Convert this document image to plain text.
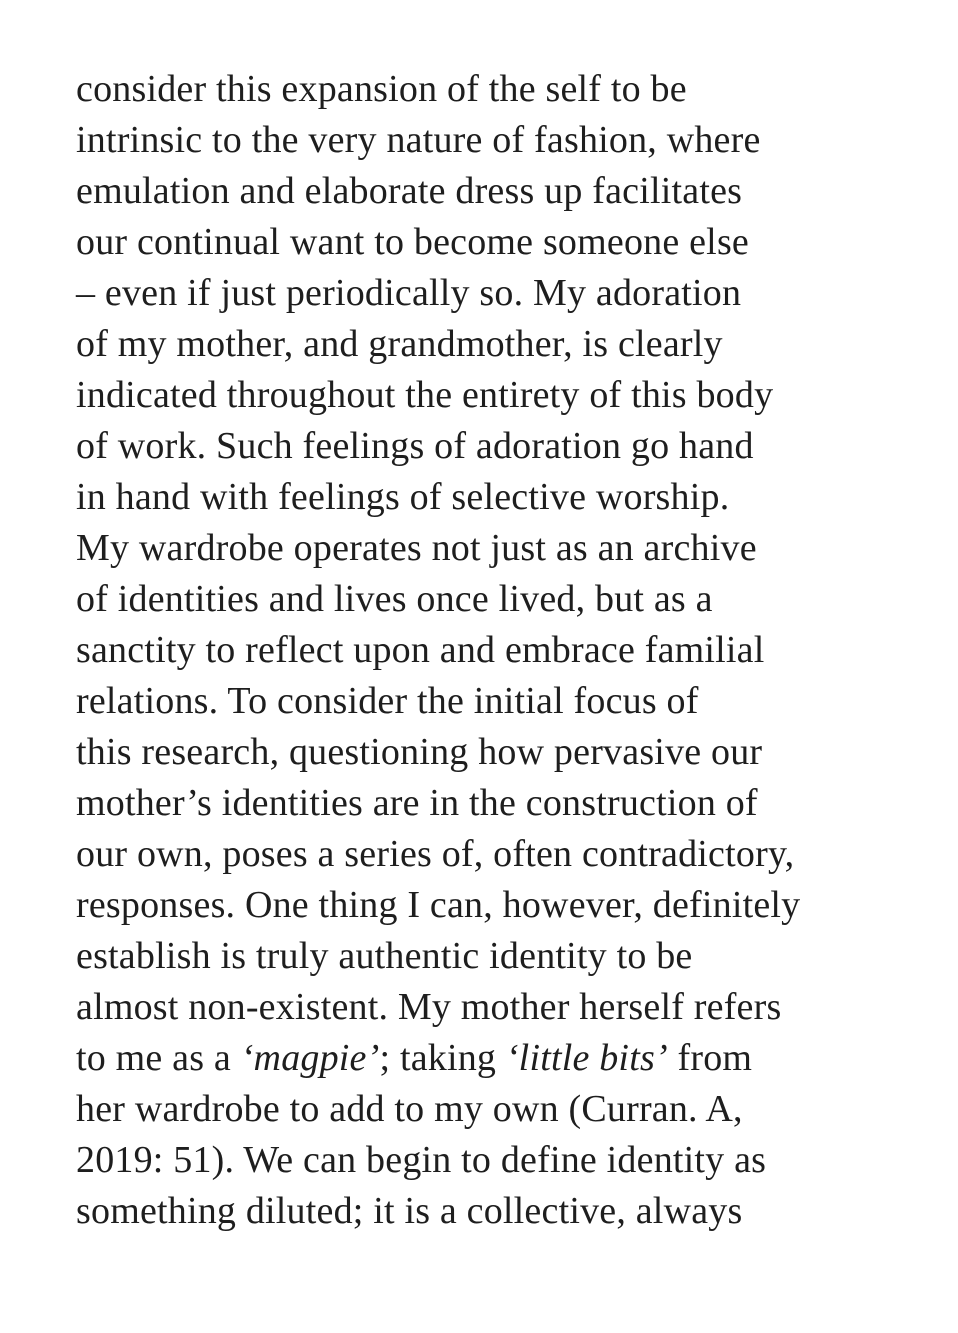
consider this expansion of the self to be

intrinsic to the very nature of fashion, where

emulation and elaborate dress up facilitates

our continual want to become someone else

– even if just periodically so. My adoration

of my mother, and grandmother, is clearly

indicated throughout the entirety of this body

of work. Such feelings of adoration go hand

in hand with feelings of selective worship.

My wardrobe operates not just as an archive

of identities and lives once lived, but as a

sanctity to reflect upon and embrace familial

relations. To consider the initial focus of

this research, questioning how pervasive our

mother’s identities are in the construction of

our own, poses a series of, often contradictory,

responses. One thing I can, however, definitely

establish is truly authentic identity to be

almost non-existent. My mother herself refers

to me as a ‘magpie’; taking ‘little bits’ from

her wardrobe to add to my own (Curran. A,

2019: 51). We can begin to define identity as

something diluted; it is a collective, always
